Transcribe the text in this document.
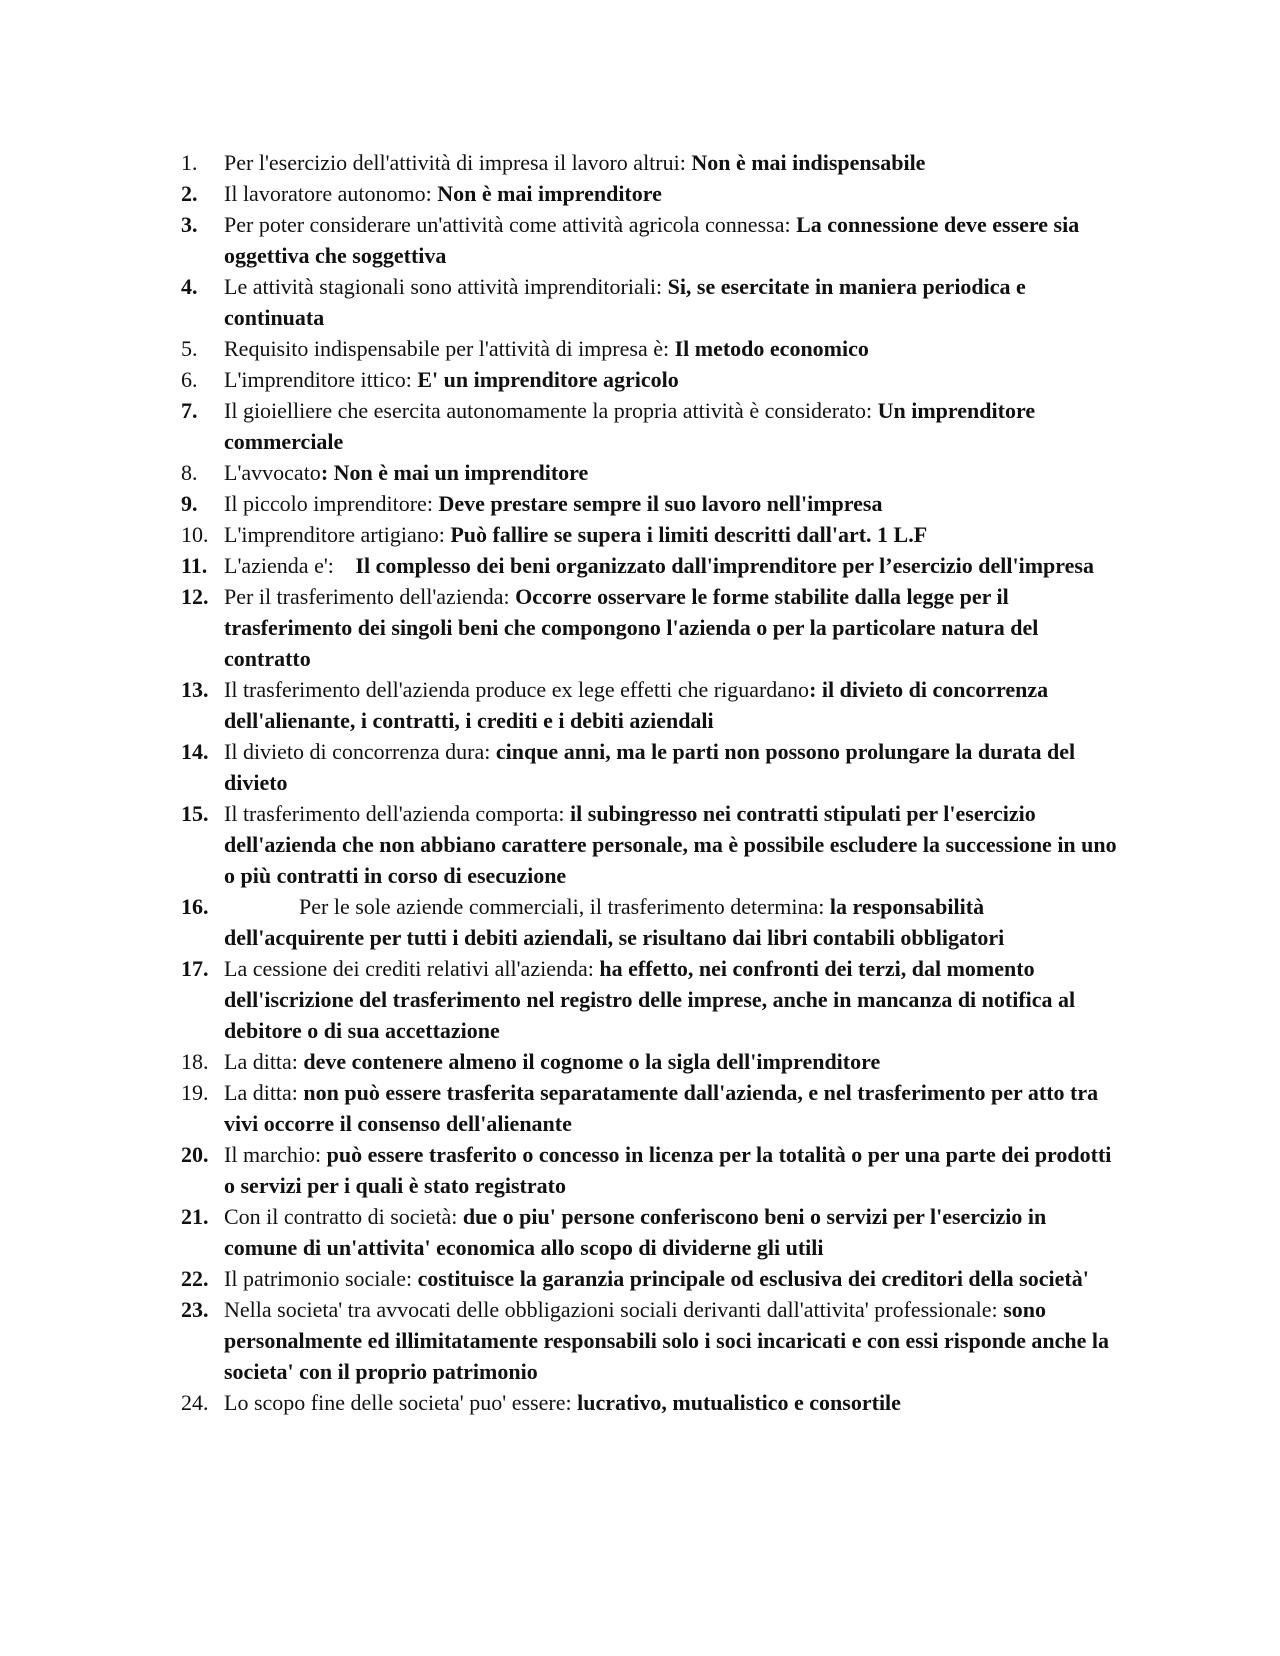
1.	Per l'esercizio dell'attività di impresa il lavoro altrui: Non è mai indispensabile
2.	Il lavoratore autonomo: Non è mai imprenditore
3.	Per poter considerare un'attività come attività agricola connessa: La connessione deve essere sia oggettiva che soggettiva
4.	Le attività stagionali sono attività imprenditoriali: Si, se esercitate in maniera periodica e continuata
5.	Requisito indispensabile per l'attività di impresa è: Il metodo economico
6.	L'imprenditore ittico: E' un imprenditore agricolo
7.	Il gioielliere che esercita autonomamente la propria attività è considerato: Un imprenditore commerciale
8.	L'avvocato: Non è mai un imprenditore
9.	Il piccolo imprenditore: Deve prestare sempre il suo lavoro nell'impresa
10. L'imprenditore artigiano: Può fallire se supera i limiti descritti dall'art. 1 L.F
11. L'azienda e': Il complesso dei beni organizzato dall'imprenditore per l’esercizio dell'impresa
12. Per il trasferimento dell'azienda: Occorre osservare le forme stabilite dalla legge per il trasferimento dei singoli beni che compongono l'azienda o per la particolare natura del contratto
13. Il trasferimento dell'azienda produce ex lege effetti che riguardano: il divieto di concorrenza dell'alienante, i contratti, i crediti e i debiti aziendali
14. Il divieto di concorrenza dura: cinque anni, ma le parti non possono prolungare la durata del divieto
15. Il trasferimento dell'azienda comporta: il subingresso nei contratti stipulati per l'esercizio dell'azienda che non abbiano carattere personale, ma è possibile escludere la successione in uno o più contratti in corso di esecuzione
16.	Per le sole aziende commerciali, il trasferimento determina: la responsabilità dell'acquirente per tutti i debiti aziendali, se risultano dai libri contabili obbligatori
17. La cessione dei crediti relativi all'azienda: ha effetto, nei confronti dei terzi, dal momento dell'iscrizione del trasferimento nel registro delle imprese, anche in mancanza di notifica al debitore o di sua accettazione
18. La ditta: deve contenere almeno il cognome o la sigla dell'imprenditore
19. La ditta: non può essere trasferita separatamente dall'azienda, e nel trasferimento per atto tra vivi occorre il consenso dell'alienante
20. Il marchio: può essere trasferito o concesso in licenza per la totalità o per una parte dei prodotti o servizi per i quali è stato registrato
21. Con il contratto di società: due o piu' persone conferiscono beni o servizi per l'esercizio in comune di un'attivita' economica allo scopo di dividerne gli utili
22. Il patrimonio sociale: costituisce la garanzia principale od esclusiva dei creditori della società'
23. Nella societa' tra avvocati delle obbligazioni sociali derivanti dall'attivita' professionale: sono personalmente ed illimitatamente responsabili solo i soci incaricati e con essi risponde anche la societa' con il proprio patrimonio
24. Lo scopo fine delle societa' puo' essere: lucrativo, mutualistico e consortile
